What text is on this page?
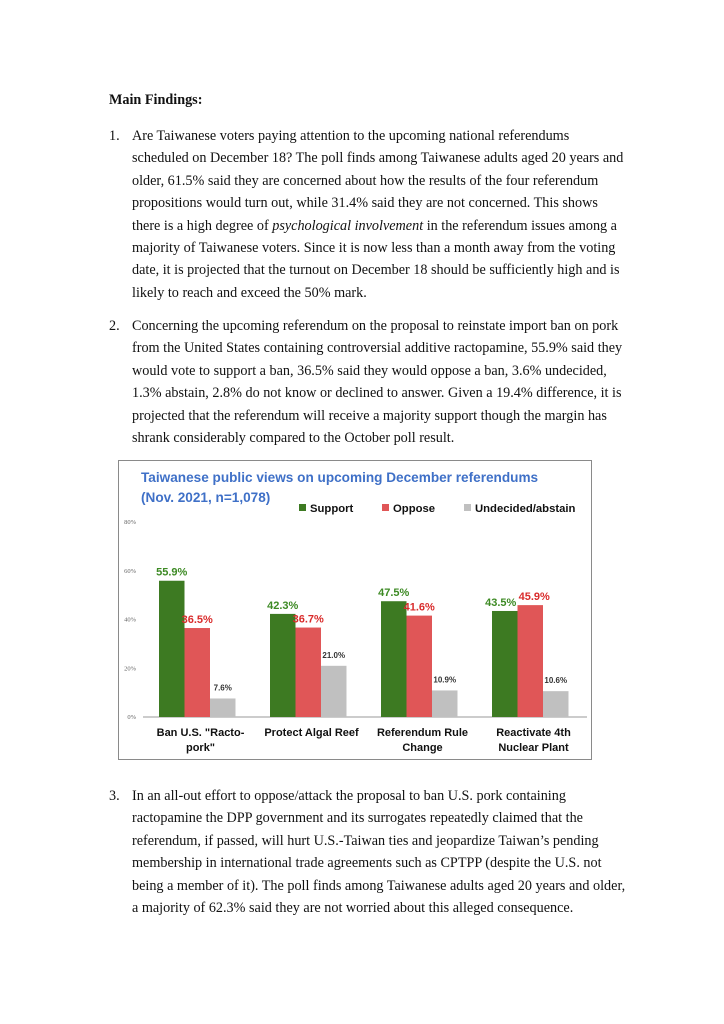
Main Findings:
1. Are Taiwanese voters paying attention to the upcoming national referendums scheduled on December 18? The poll finds among Taiwanese adults aged 20 years and older, 61.5% said they are concerned about how the results of the four referendum propositions would turn out, while 31.4% said they are not concerned. This shows there is a high degree of psychological involvement in the referendum issues among a majority of Taiwanese voters. Since it is now less than a month away from the voting date, it is projected that the turnout on December 18 should be sufficiently high and is likely to reach and exceed the 50% mark.
2. Concerning the upcoming referendum on the proposal to reinstate import ban on pork from the United States containing controversial additive ractopamine, 55.9% said they would vote to support a ban, 36.5% said they would oppose a ban, 3.6% undecided, 1.3% abstain, 2.8% do not know or declined to answer. Given a 19.4% difference, it is projected that the referendum will receive a majority support though the margin has shrank considerably compared to the October poll result.
Taiwanese public views on upcoming December referendums
(Nov. 2021, n=1,078)
Support	Oppose	Undecided/abstain
0%
20%
40%
60%
80%
55.9%
36.5%
7.6%
42.3%
36.7%
21.0%
47.5%
41.6%
10.9%
43.5% 45.9%
10.6%
Ban U.S. "Racto-
pork"
Protect Algal Reef Referendum Rule
Change
Reactivate 4th
Nuclear Plant
3. In an all-out effort to oppose/attack the proposal to ban U.S. pork containing ractopamine the DPP government and its surrogates repeatedly claimed that the referendum, if passed, will hurt U.S.-Taiwan ties and jeopardize Taiwan’s pending membership in international trade agreements such as CPTPP (despite the U.S. not being a member of it). The poll finds among Taiwanese adults aged 20 years and older, a majority of 62.3% said they are not worried about this alleged consequence.
